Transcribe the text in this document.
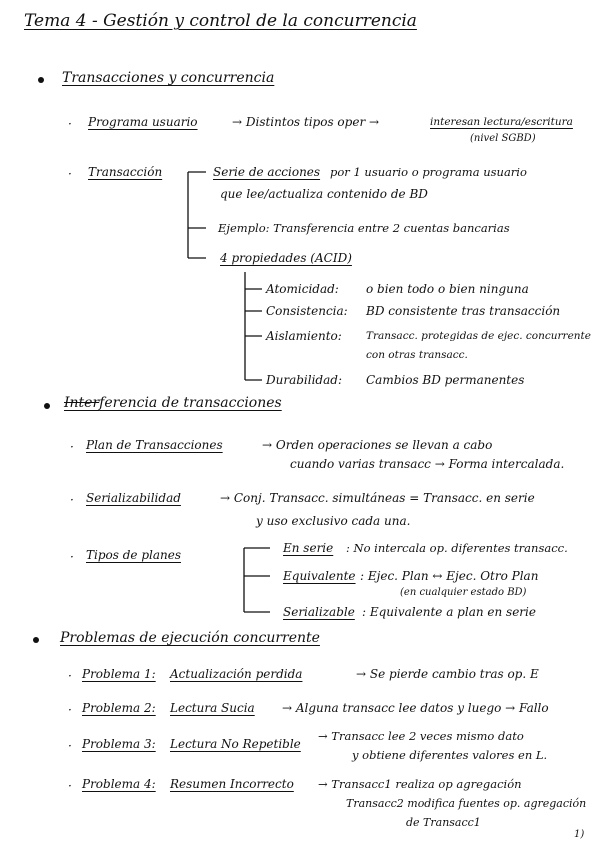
Tema 4 - Gestión y control de la concurrencia
Transacciones y concurrencia
· Programa usuario	→ Distintos tipos oper →	interesan lectura/escritura
(nivel SGBD)
· Transacción	Serie de acciones por 1 usuario o programa usuario
que lee/actualiza contenido de BD
Ejemplo: Transferencia entre 2 cuentas bancarias
4 propiedades (ACID)
Atomicidad: o bien todo o bien ninguna
Consistencia: BD consistente tras transacción
Aislamiento: Transacc. protegidas de ejec. concurrente
con otras transacc.
Durabilidad: Cambios BD permanentes
Interferencia de transacciones
· Plan de Transacciones	→ Orden operaciones se llevan a cabo
cuando varias transacc → Forma intercalada.
· Serializabilidad	→ Conj. Transacc. simultáneas = Transacc. en serie
y uso exclusivo cada una.
· Tipos de planes	En serie : No intercala op. diferentes transacc.
Equivalente : Ejec. Plan ↔ Ejec. Otro Plan
(en cualquier estado BD)
Serializable : Equivalente a plan en serie
Problemas de ejecución concurrente
· Problema 1: Actualización perdida	→ Se pierde cambio tras op. E
· Problema 2: Lectura Sucia → Alguna transacc lee datos y luego → Fallo
· Problema 3: Lectura No Repetible
→ Transacc lee 2 veces mismo dato
y obtiene diferentes valores en L.
· Problema 4: Resumen Incorrecto → Transacc1 realiza op agregación
Transacc2 modifica fuentes op. agregación
de Transacc1
1)
